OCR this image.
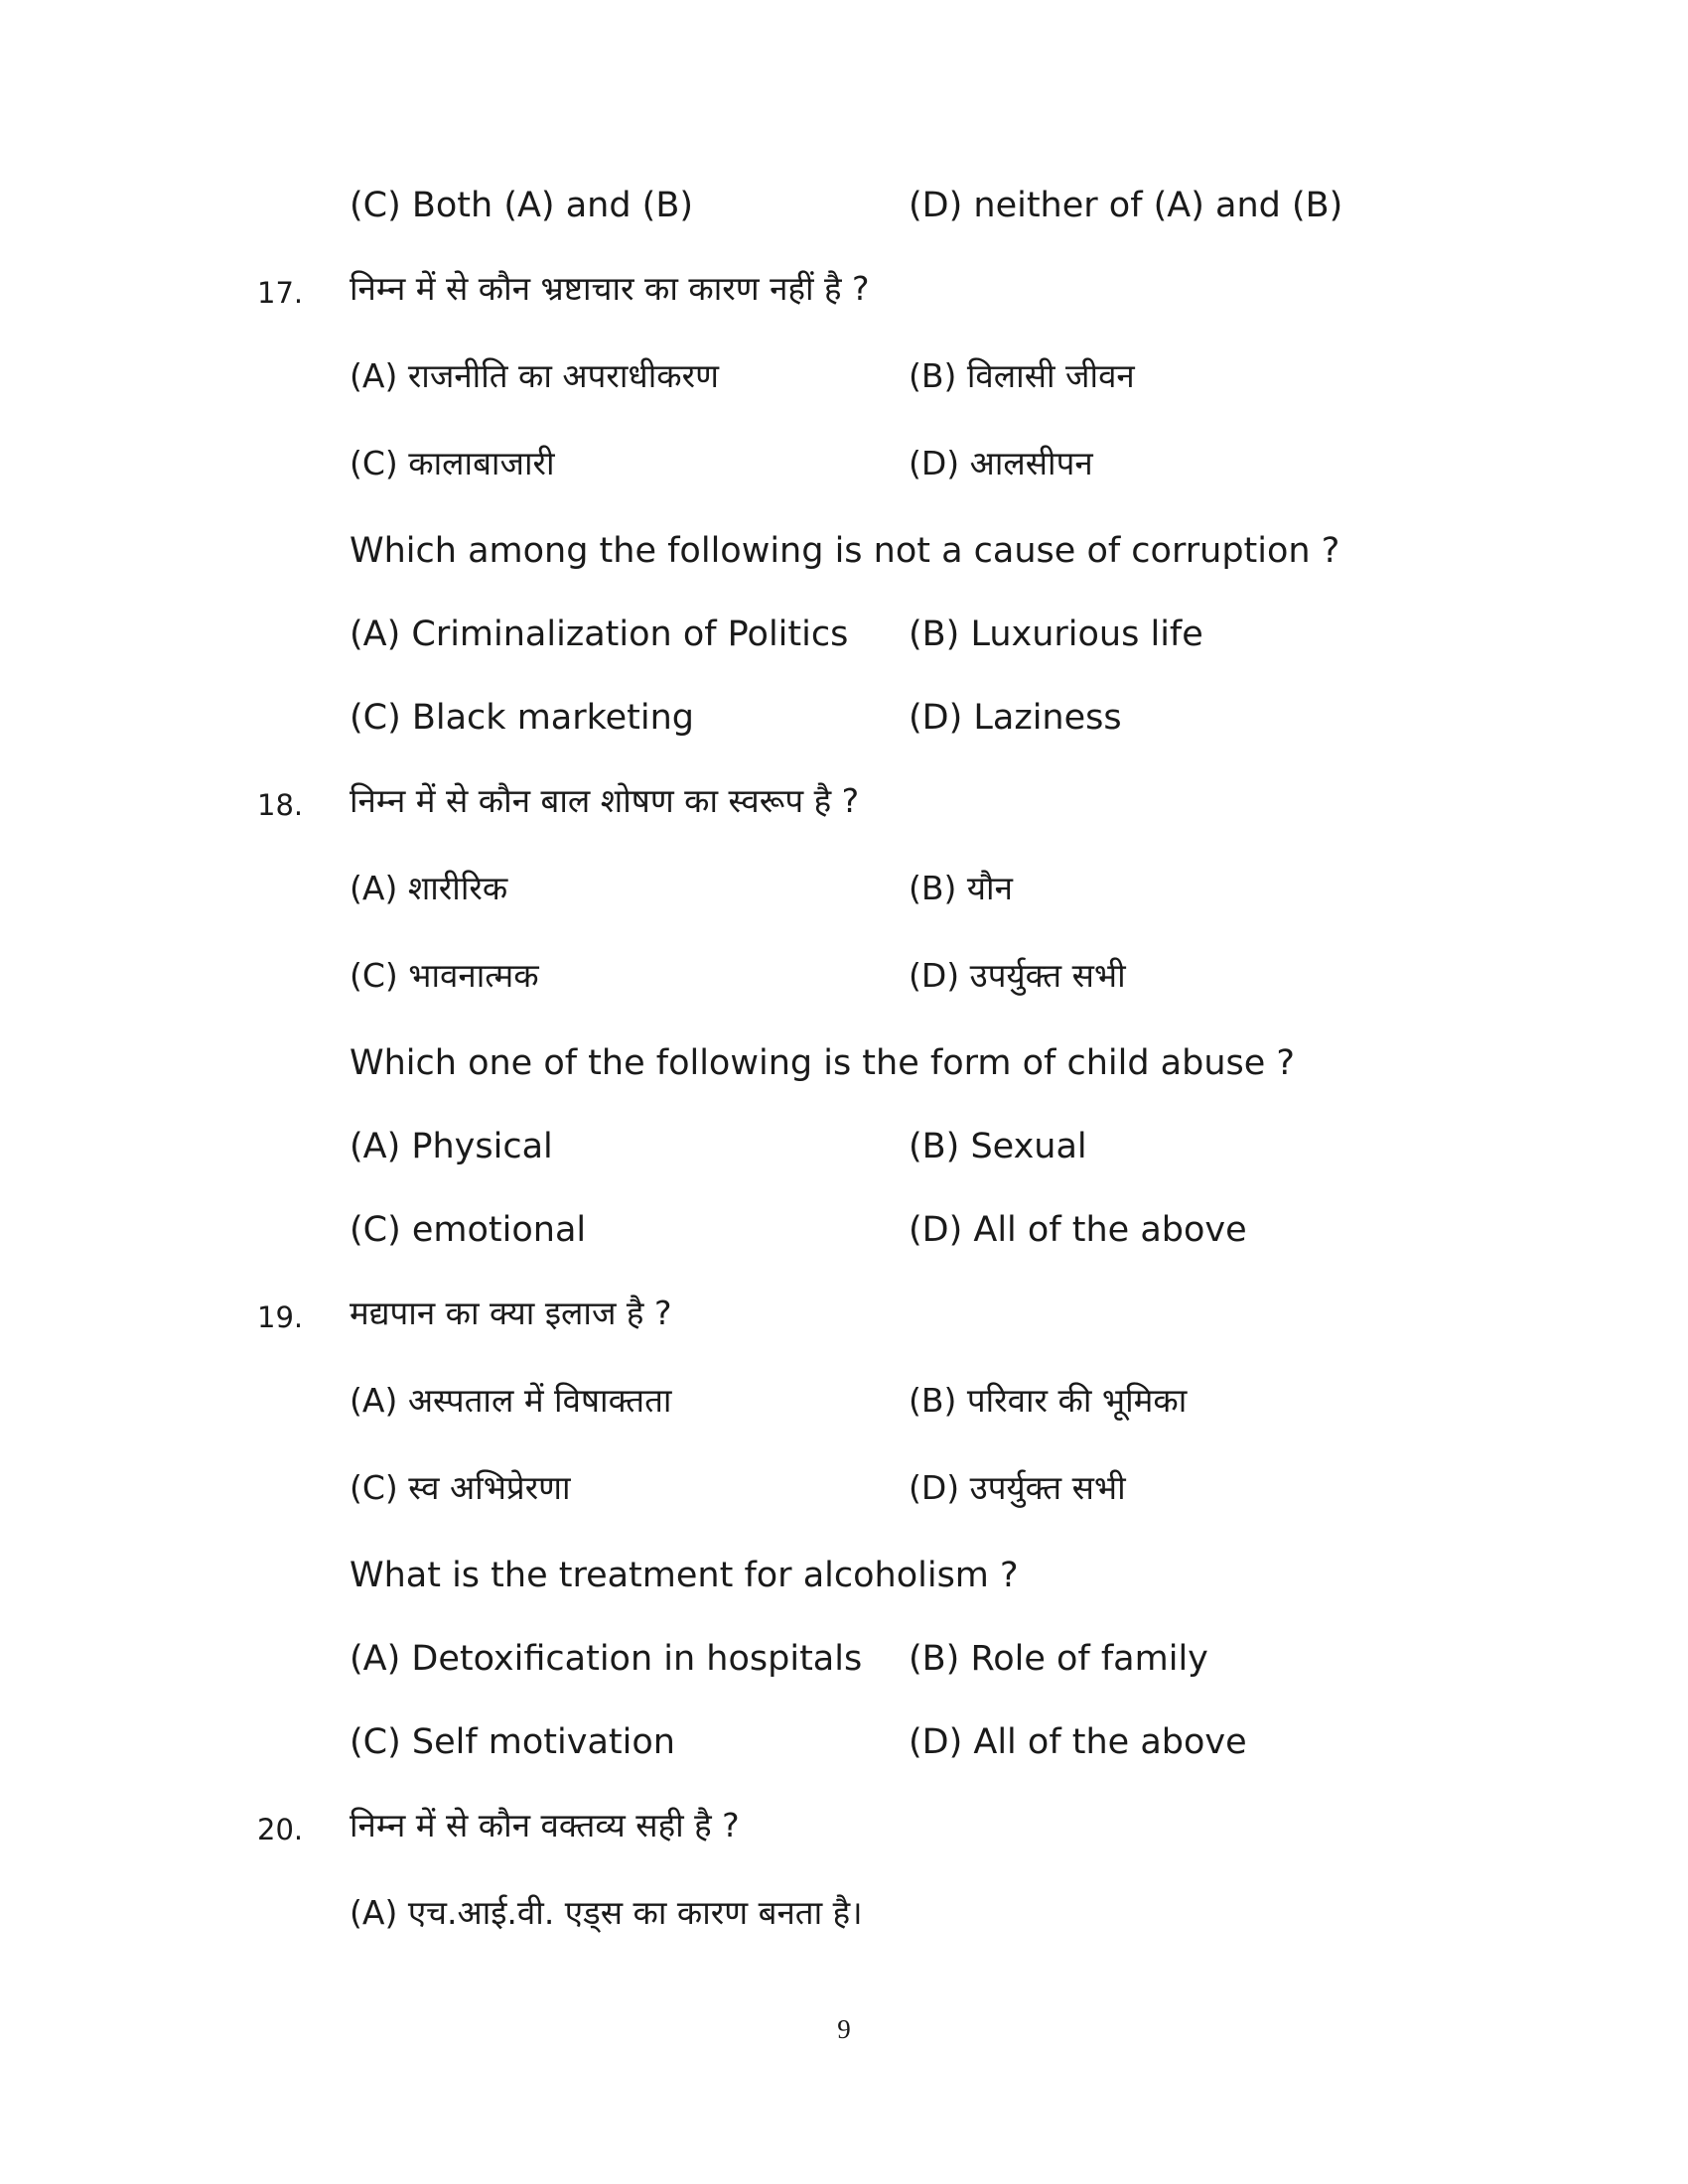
(C) Both (A) and (B)	(D) neither of (A) and (B)
17. निम्न में से कौन भ्रष्टाचार का कारण नहीं है ?
(A) राजनीति का अपराधीकरण	(B) विलासी जीवन
(C) कालाबाजारी	(D) आलसीपन
Which among the following is not a cause of corruption ?
(A) Criminalization of Politics (B) Luxurious life
(C) Black marketing	(D) Laziness
18. निम्न में से कौन बाल शोषण का स्वरूप है ?
(A) शारीरिक	(B) यौन
(C) भावनात्मक	(D) उपर्युक्त सभी
Which one of the following is the form of child abuse ?
(A) Physical	(B) Sexual
(C) emotional	(D) All of the above
19. मद्यपान का क्या इलाज है ?
(A) अस्पताल में विषाक्तता	(B) परिवार की भूमिका
(C) स्व अभिप्रेरणा	(D) उपर्युक्त सभी
What is the treatment for alcoholism ?
(A) Detoxification in hospitals (B) Role of family
(C) Self motivation	(D) All of the above
20. निम्न में से कौन वक्तव्य सही है ?
(A) एच.आई.वी. एड्स का कारण बनता है।
9
